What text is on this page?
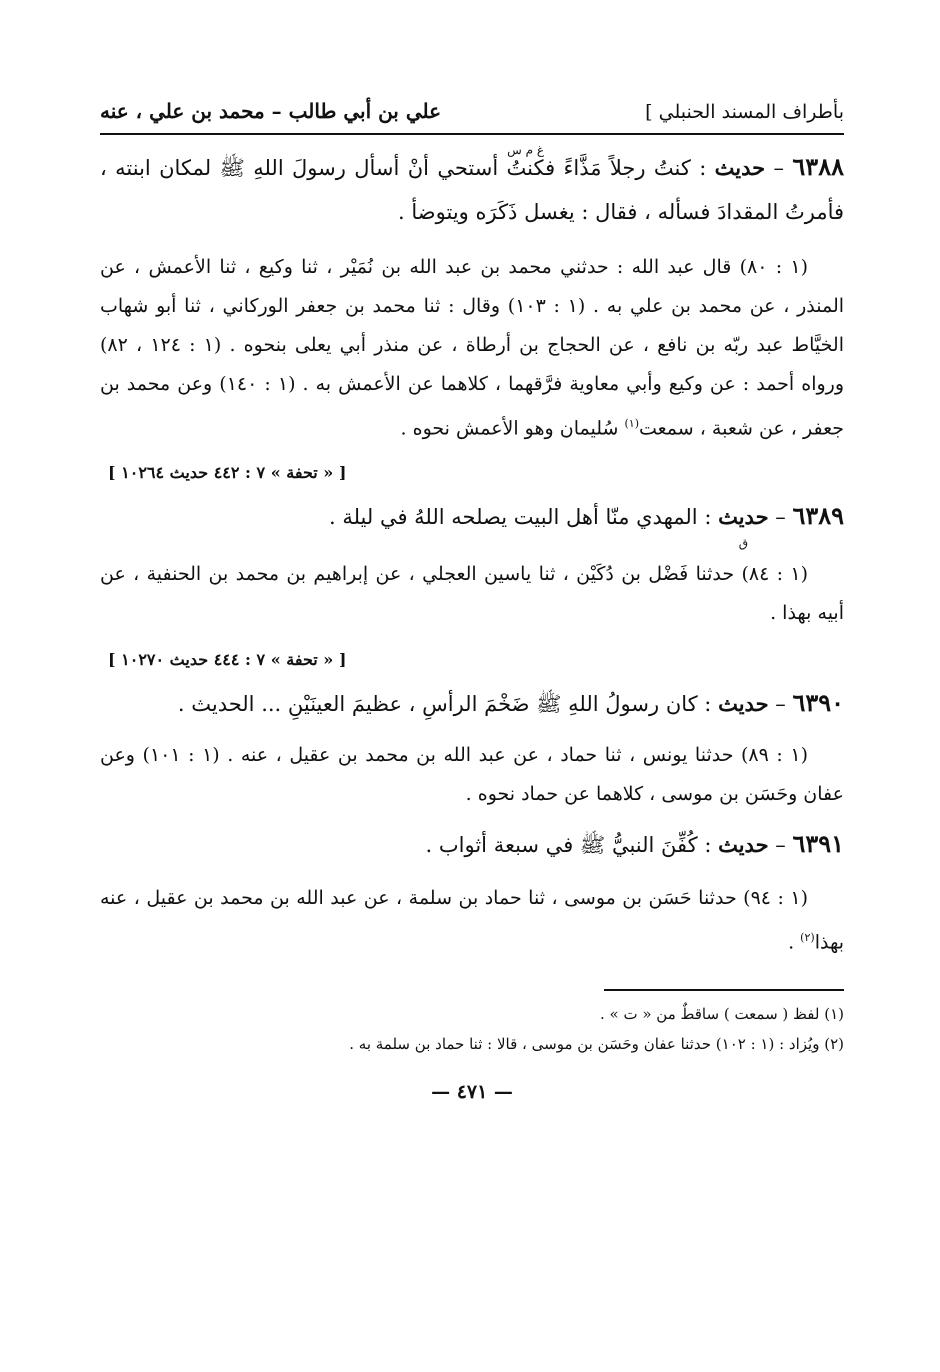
بأطراف المسند الحنبلي ]
علي بن أبي طالب – محمد بن علي ، عنه
غ م س

٦٣٨٨ – حديث : كنتُ رجلاً مَذَّاءً فكنتُ أستحي أنْ أسأل رسولَ اللهِ ﷺ لمكان ابنته ، فأمرتُ المقدادَ فسأله ، فقال : يغسل ذَكَرَه ويتوضأ .

(١ : ٨٠) قال عبد الله : حدثني محمد بن عبد الله بن نُمَيْر ، ثنا وكيع ، ثنا الأعمش ، عن المنذر ، عن محمد بن علي به . (١ : ١٠٣) وقال : ثنا محمد بن جعفر الوركاني ، ثنا أبو شهاب الخيَّاط عبد ربّه بن نافع ، عن الحجاج بن أرطاة ، عن منذر أبي يعلى بنحوه . (١ : ١٢٤ ، ٨٢) ورواه أحمد : عن وكيع وأبي معاوية فرَّقهما ، كلاهما عن الأعمش به . (١ : ١٤٠) وعن محمد بن جعفر ، عن شعبة ، سمعت$^{(١)}$ سُليمان وهو الأعمش نحوه .

[ « تحفة » ٧ : ٤٤٢ حديث ١٠٢٦٤ ]

٦٣٨٩ – حديث : المهدي منّا أهل البيت يصلحه اللهُ في ليلة .

ق

(١ : ٨٤) حدثنا فَضْل بن دُكَيْن ، ثنا ياسين العجلي ، عن إبراهيم بن محمد بن الحنفية ، عن أبيه بهذا .

[ « تحفة » ٧ : ٤٤٤ حديث ١٠٢٧٠ ]

٦٣٩٠ – حديث : كان رسولُ اللهِ ﷺ ضَخْمَ الرأسِ ، عظيمَ العينَيْنِ ... الحديث .

(١ : ٨٩) حدثنا يونس ، ثنا حماد ، عن عبد الله بن محمد بن عقيل ، عنه . (١ : ١٠١) وعن عفان وحَسَن بن موسى ، كلاهما عن حماد نحوه .

٦٣٩١ – حديث : كُفِّنَ النبيُّ ﷺ في سبعة أثواب .

(١ : ٩٤) حدثنا حَسَن بن موسى ، ثنا حماد بن سلمة ، عن عبد الله بن محمد بن عقيل ، عنه بهذا$^{(٢)}$ .

(١) لفظ ( سمعت ) ساقطٌ من « ت » .

(٢) ويُزاد : (١ : ١٠٢) حدثنا عفان وحَسَن بن موسى ، قالا : ثنا حماد بن سلمة به .

— ٤٧١ —
